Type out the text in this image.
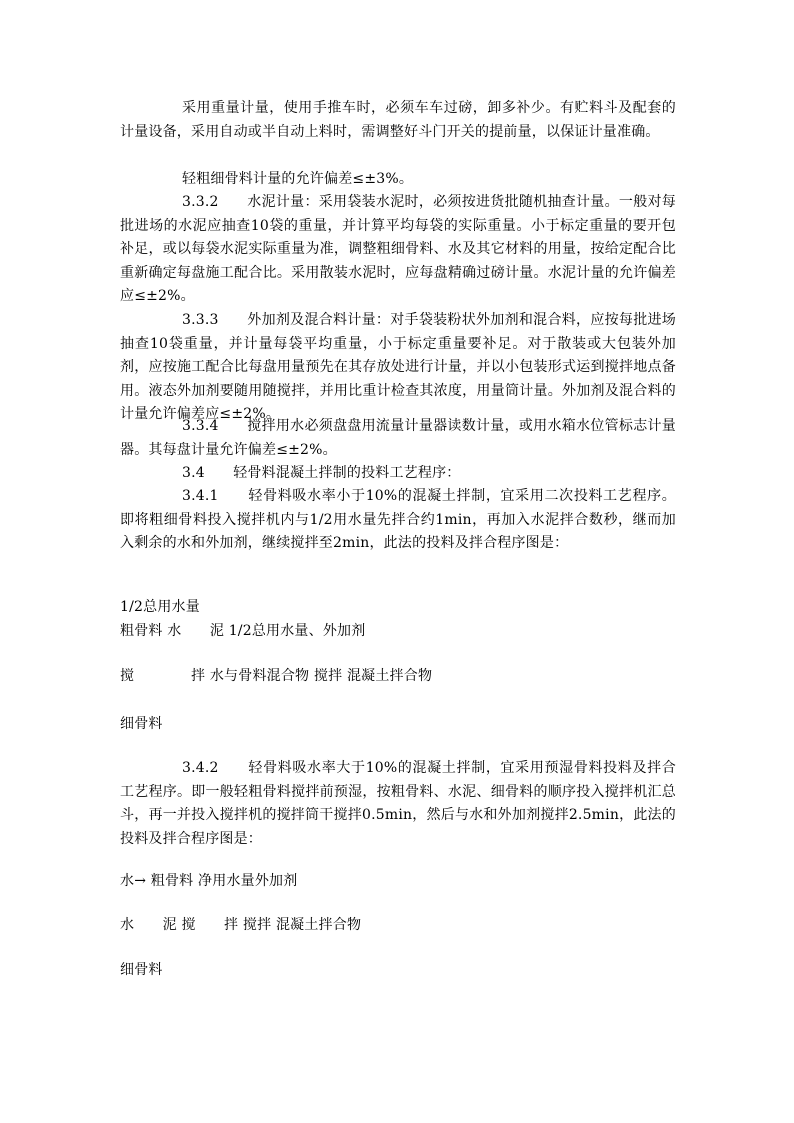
采用重量计量，使用手推车时，必须车车过磅，卸多补少。有贮料斗及配套的计量设备，采用自动或半自动上料时，需调整好斗门开关的提前量，以保证计量准确。

轻粗细骨料计量的允许偏差≤±3%。

3.3.2　　水泥计量：采用袋装水泥时，必须按进货批随机抽查计量。一般对每批进场的水泥应抽查10袋的重量，并计算平均每袋的实际重量。小于标定重量的要开包补足，或以每袋水泥实际重量为准，调整粗细骨料、水及其它材料的用量，按给定配合比重新确定每盘施工配合比。采用散装水泥时，应每盘精确过磅计量。水泥计量的允许偏差应≤±2%。

3.3.3　　外加剂及混合料计量：对手袋装粉状外加剂和混合料，应按每批进场抽查10袋重量，并计量每袋平均重量，小于标定重量要补足。对于散装或大包装外加剂，应按施工配合比每盘用量预先在其存放处进行计量，并以小包装形式运到搅拌地点备用。液态外加剂要随用随搅拌，并用比重计检查其浓度，用量筒计量。外加剂及混合料的计量允许偏差应≤±2%。

3.3.4　　搅拌用水必须盘盘用流量计量器读数计量，或用水箱水位管标志计量器。其每盘计量允许偏差≤±2%。

3.4　　轻骨料混凝土拌制的投料工艺程序：

3.4.1　　轻骨料吸水率小于10%的混凝土拌制，宜采用二次投料工艺程序。即将粗细骨料投入搅拌机内与1/2用水量先拌合约1min，再加入水泥拌合数秒，继而加入剩余的水和外加剂，继续搅拌至2min，此法的投料及拌合程序图是：

1/2总用水量

粗骨料 水　　泥 1/2总用水量、外加剂

搅　　　　拌 水与骨料混合物 搅拌 混凝土拌合物

细骨料

3.4.2　　轻骨料吸水率大于10%的混凝土拌制，宜采用预湿骨料投料及拌合工艺程序。即一般轻粗骨料搅拌前预湿，按粗骨料、水泥、细骨料的顺序投入搅拌机汇总斗，再一并投入搅拌机的搅拌筒干搅拌0.5min，然后与水和外加剂搅拌2.5min，此法的投料及拌合程序图是：

水→ 粗骨料 净用水量外加剂

水　　泥 搅　　拌 搅拌 混凝土拌合物

细骨料
